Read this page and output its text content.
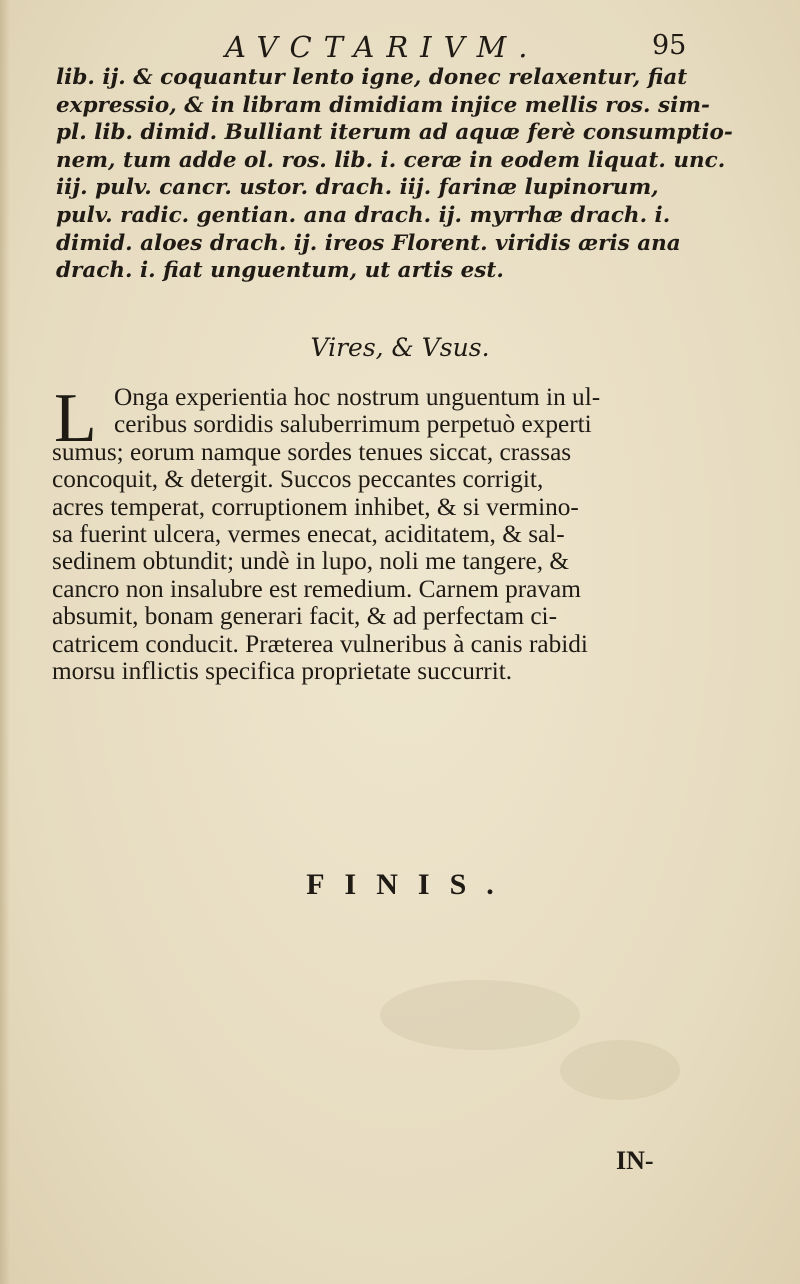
AVCTARIVM.	95
lib. ij. & coquantur lento igne, donec relaxentur, fiat
expressio, & in libram dimidiam injice mellis ros. sim-
pl. lib. dimid. Bulliant iterum ad aquæ ferè consumptio-
nem, tum adde ol. ros. lib. i. ceræ in eodem liquat. unc.
iij. pulv. cancr. ustor. drach. iij. farinæ lupinorum,
pulv. radic. gentian. ana drach. ij. myrrhæ drach. i.
dimid. aloes drach. ij. ireos Florent. viridis æris ana
drach. i. fiat unguentum, ut artis est.
Vires, & Vsus.
L Onga experientia hoc nostrum unguentum in ul-
ceribus sordidis saluberrimum perpetuò experti
sumus; eorum namque sordes tenues siccat, crassas
concoquit, & detergit. Succos peccantes corrigit,
acres temperat, corruptionem inhibet, & si vermino-
sa fuerint ulcera, vermes enecat, aciditatem, & sal-
sedinem obtundit; undè in lupo, noli me tangere, &
cancro non insalubre est remedium. Carnem pravam
absumit, bonam generari facit, & ad perfectam ci-
catricem conducit. Præterea vulneribus à canis rabidi
morsu inflictis specifica proprietate succurrit.
FINIS.
IN-
